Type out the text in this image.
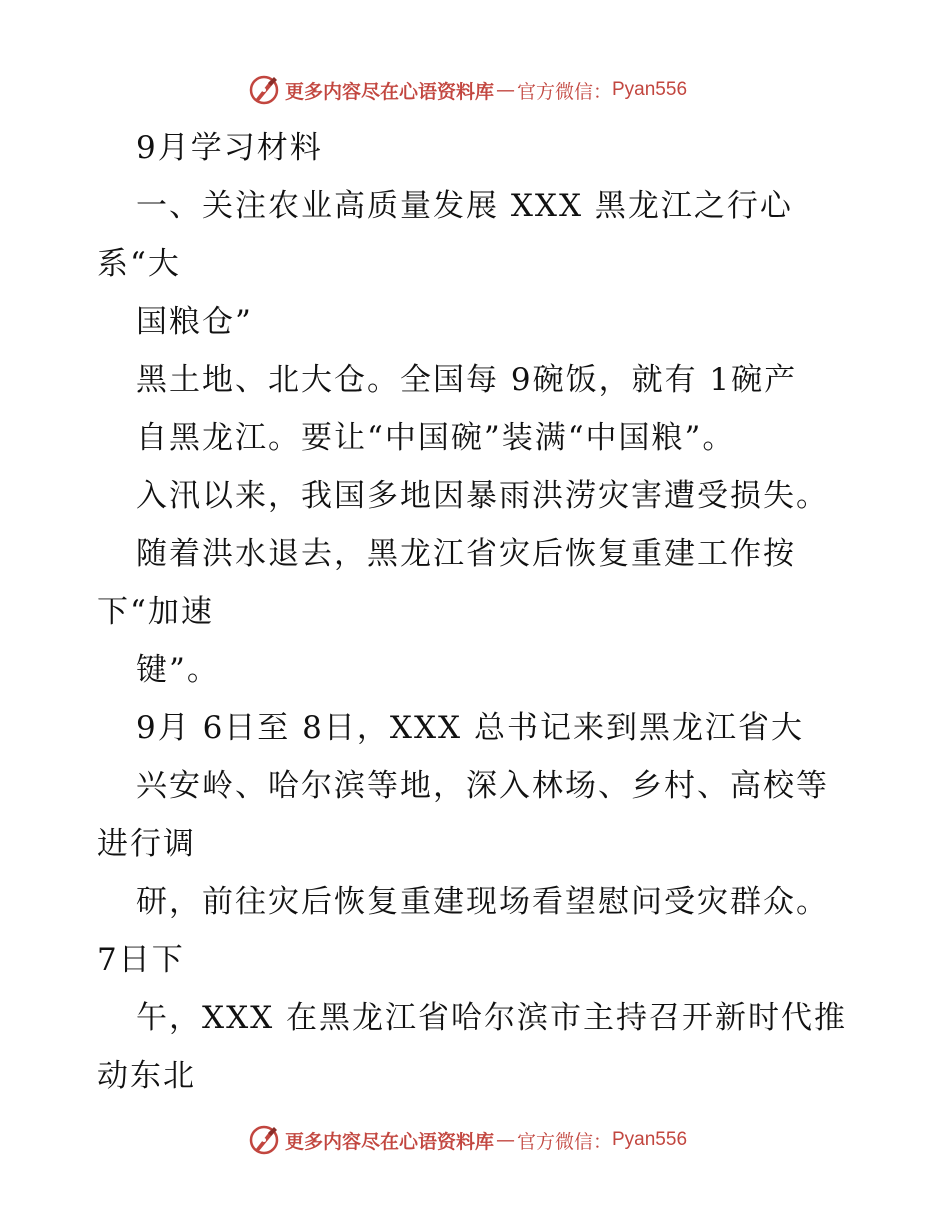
更多内容尽在心语资料库 — 官方微信： Pyan556
9月学习材料
一、关注农业高质量发展 XXX 黑龙江之行心
系“大
国粮仓”
黑土地、北大仓。全国每 9碗饭，就有 1碗产
自黑龙江。要让“中国碗”装满“中国粮”。
入汛以来，我国多地因暴雨洪涝灾害遭受损失。
随着洪水退去，黑龙江省灾后恢复重建工作按
下“加速
键”。
9月 6日至 8日，XXX 总书记来到黑龙江省大
兴安岭、哈尔滨等地，深入林场、乡村、高校等
进行调
研，前往灾后恢复重建现场看望慰问受灾群众。
7日下
午，XXX 在黑龙江省哈尔滨市主持召开新时代推
动东北
更多内容尽在心语资料库 — 官方微信： Pyan556
